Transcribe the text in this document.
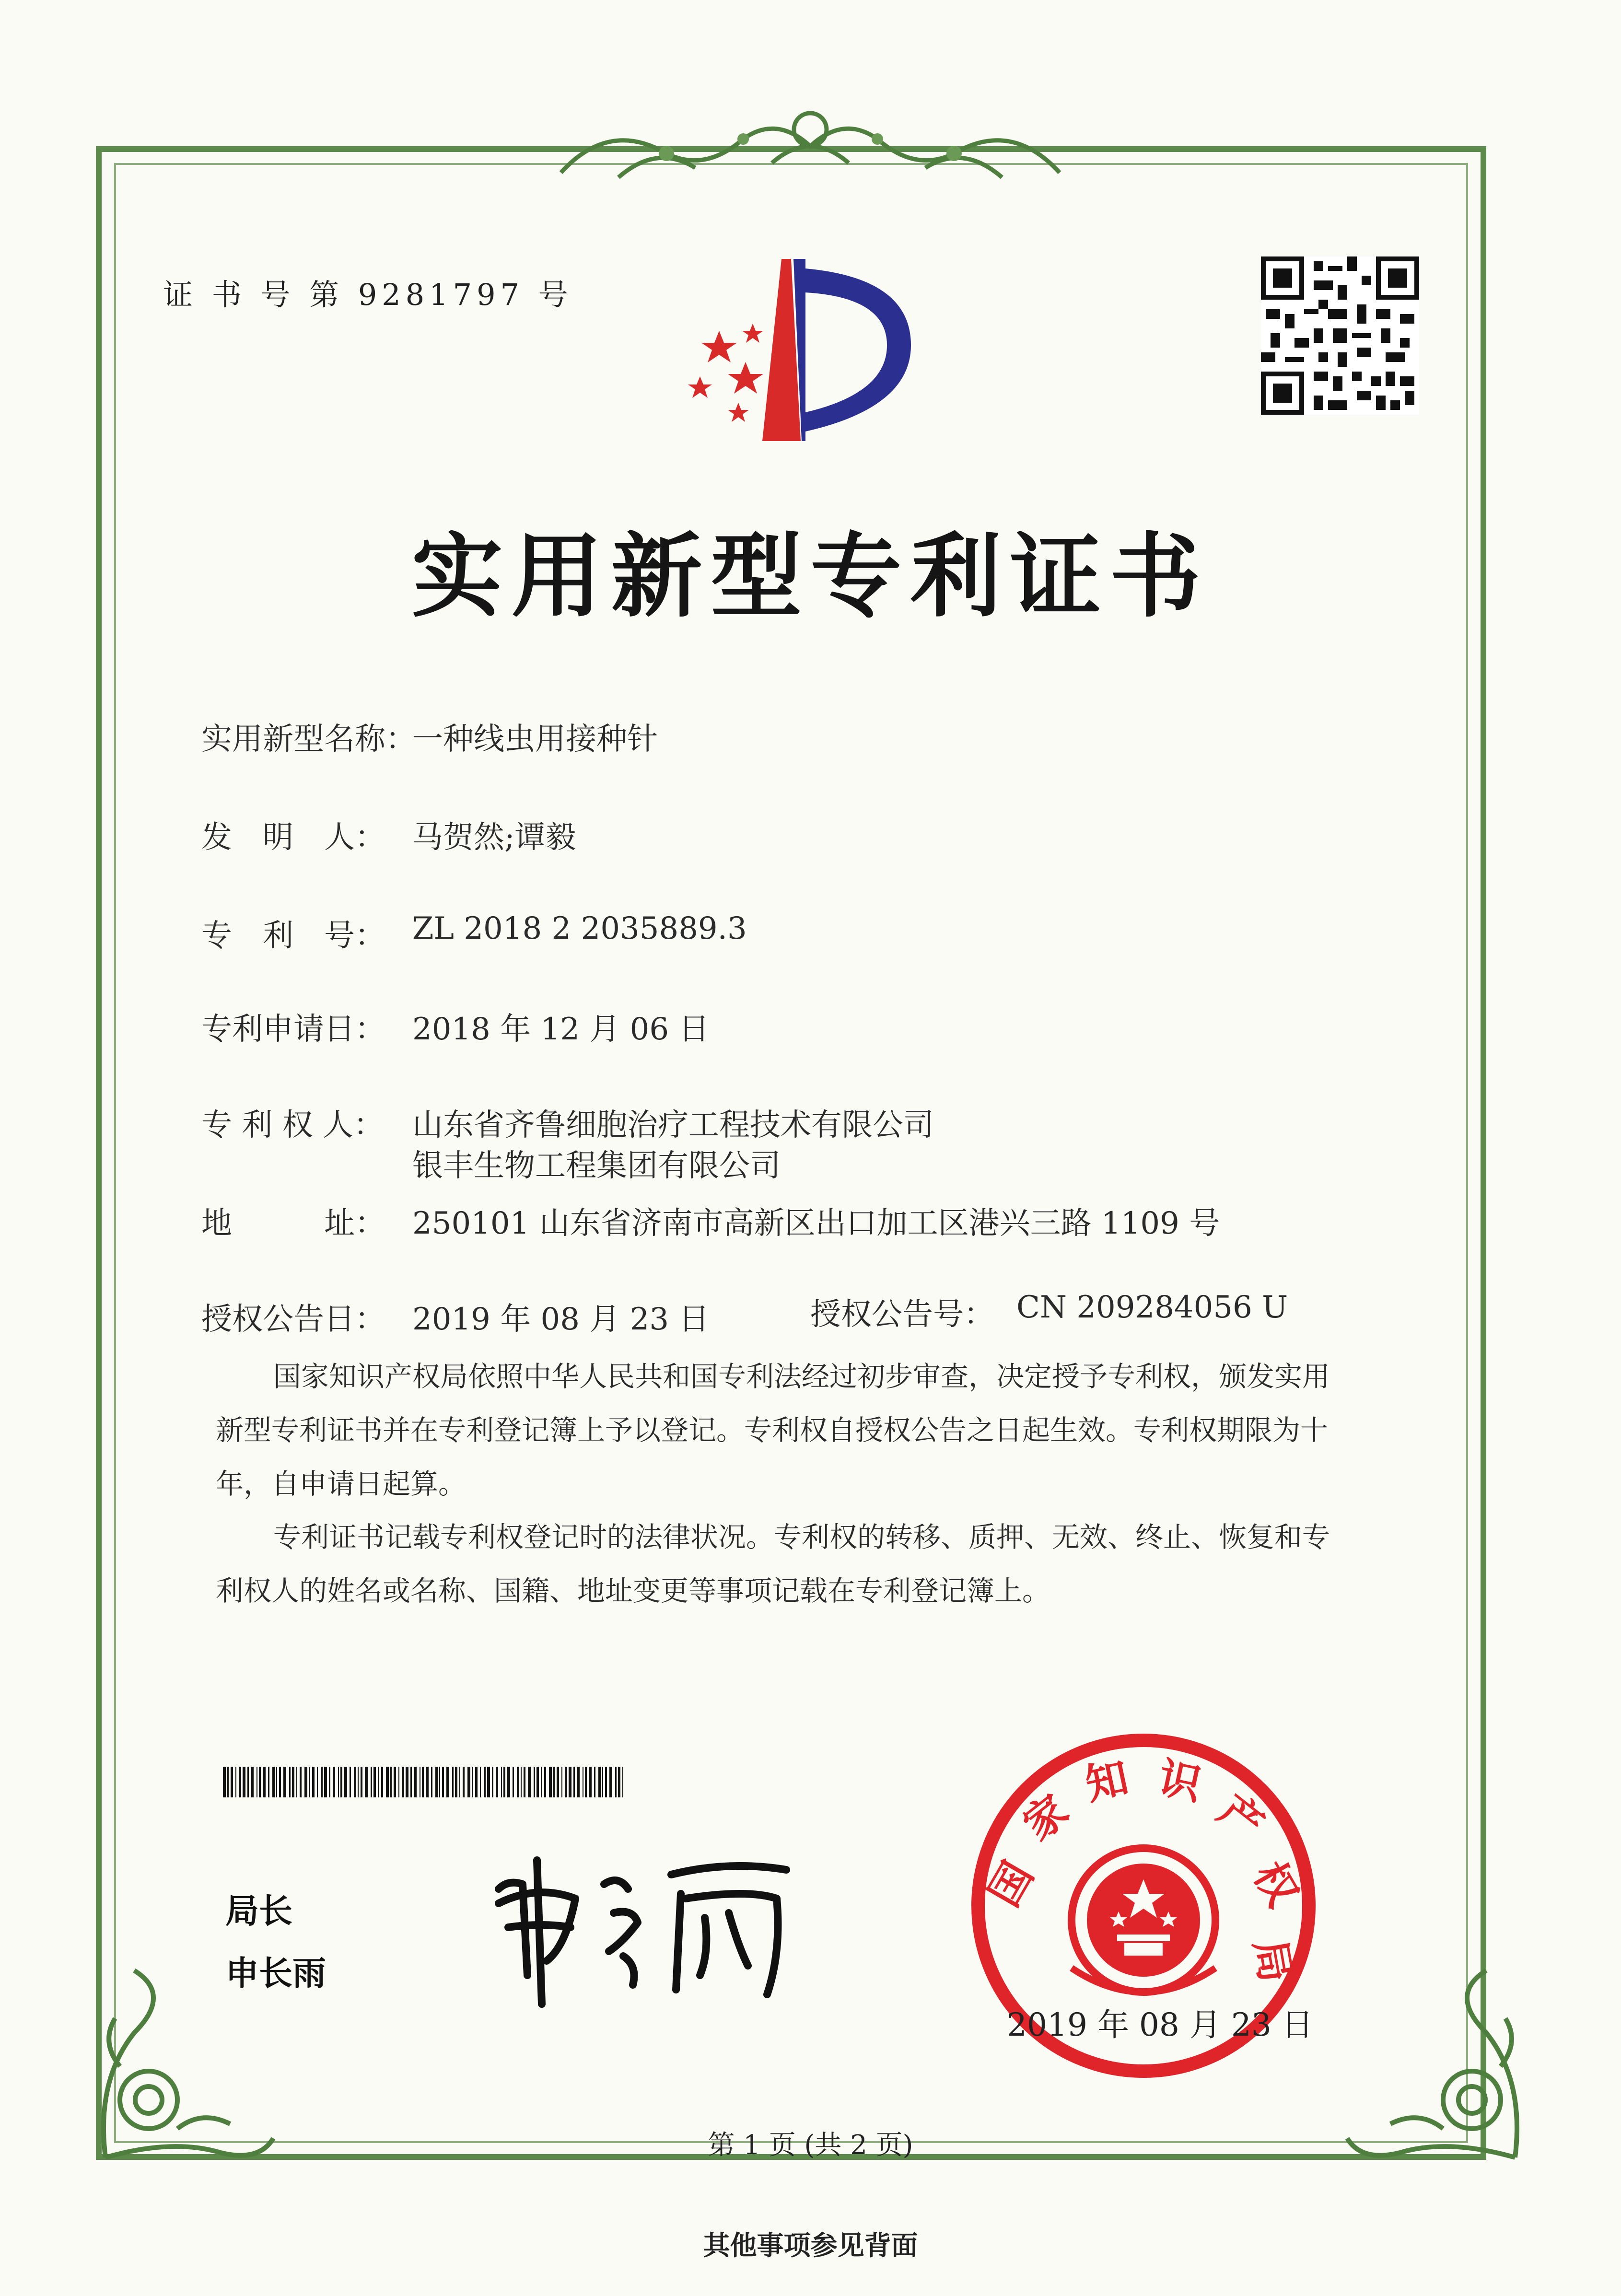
证 书 号 第 9281797 号
实用新型专利证书
实用新型名称：
一种线虫用接种针
发　明　人： 马贺然;谭毅
专　利　号： ZL 2018 2 2035889.3
专利申请日： 2018 年 12 月 06 日
专 利 权 人： 山东省齐鲁细胞治疗工程技术有限公司
银丰生物工程集团有限公司
地　　　址： 250101 山东省济南市高新区出口加工区港兴三路 1109 号
授权公告日： 2019 年 08 月 23 日	授权公告号： CN 209284056 U
国家知识产权局依照中华人民共和国专利法经过初步审查，决定授予专利权，颁发实用
新型专利证书并在专利登记簿上予以登记。专利权自授权公告之日起生效。专利权期限为十
年，自申请日起算。
专利证书记载专利权登记时的法律状况。专利权的转移、质押、无效、终止、恢复和专
利权人的姓名或名称、国籍、地址变更等事项记载在专利登记簿上。
局长
申长雨
国
家
知 识
产
权
局
2019 年 08 月 23 日
第 1 页 (共 2 页)
其他事项参见背面
